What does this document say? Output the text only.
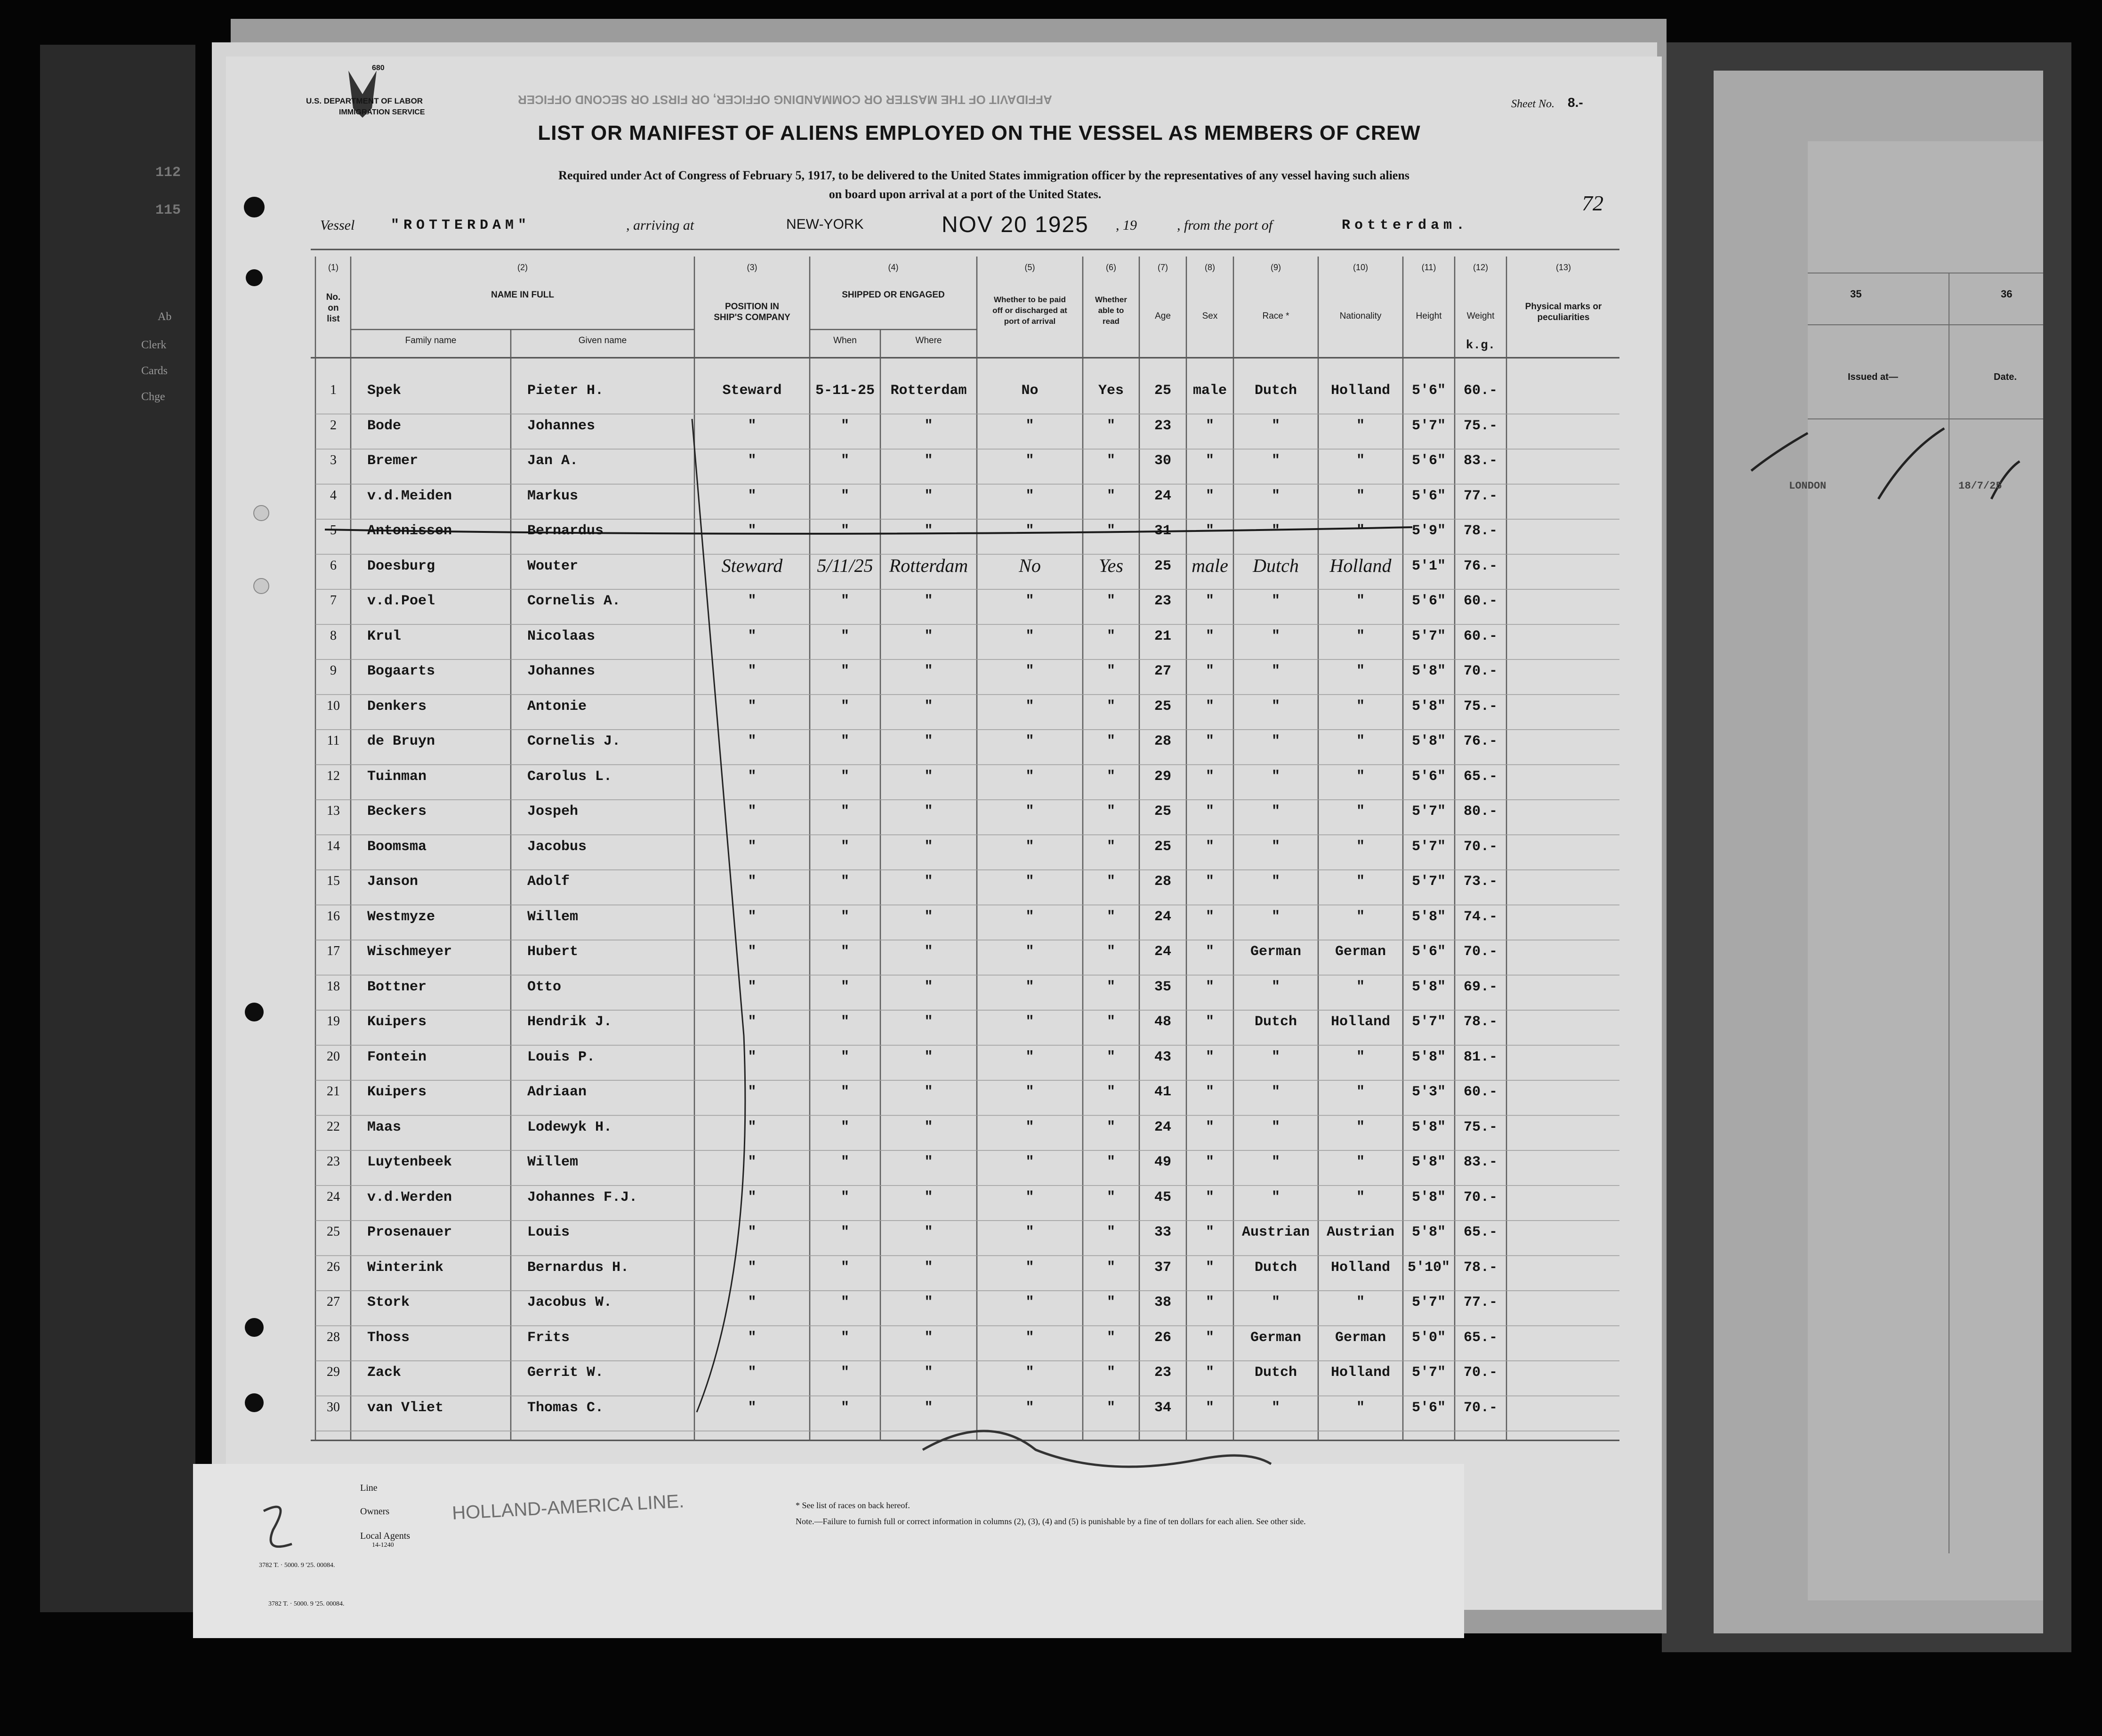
680
U.S. DEPARTMENT OF LABOR
IMMIGRATION SERVICE
AFFIDAVIT OF THE MASTER OR COMMANDING OFFICER, OR FIRST OR SECOND OFFICER	Sheet No. 8.-
LIST OR MANIFEST OF ALIENS EMPLOYED ON THE VESSEL AS MEMBERS OF CREW
Required under Act of Congress of February 5, 1917, to be delivered to the United States immigration officer by the representatives of any vessel having such aliens
on board upon arrival at a port of the United States.	72
Vessel	"ROTTERDAM"	, arriving at	NEW-YORK	NOV 20 1925 , 19	, from the port of	Rotterdam.
(1)	(2)	(3)	(4)	(5)	(6)	(7)	(8)	(9)	(10)	(11)	(12)	(13)
No.
on
list
NAME IN FULL
Family name	Given name
POSITION IN
SHIP'S COMPANY
SHIPPED OR ENGAGED
When	Where
Whether to be paid
off or discharged at
port of arrival
Whether
able to
read
Age	Sex	Race *	Nationality	Height	Weight
k.g.
Physical marks or
peculiarities
1	Spek	Pieter H.	Steward	5-11-25	Rotterdam	No	Yes	25	male	Dutch	Holland	5'6"	60.-
2	Bode	Johannes	"	"	"	"	"	23	"	"	"	5'7"	75.-
3	Bremer	Jan A.	"	"	"	"	"	30	"	"	"	5'6"	83.-
4	v.d.Meiden	Markus	"	"	"	"	"	24	"	"	"	5'6"	77.-
5	Antonissen	Bernardus	"	"	"	"	"	31	"	"	"	5'9"	78.-
6	Doesburg	Wouter	Steward	5/11/25 Rotterdam	No	Yes	25	male	Dutch	Holland	5'1"	76.-
7	v.d.Poel	Cornelis A.	"	"	"	"	"	23	"	"	"	5'6"	60.-
8	Krul	Nicolaas	"	"	"	"	"	21	"	"	"	5'7"	60.-
9	Bogaarts	Johannes	"	"	"	"	"	27	"	"	"	5'8"	70.-
10	Denkers	Antonie	"	"	"	"	"	25	"	"	"	5'8"	75.-
11	de Bruyn	Cornelis J.	"	"	"	"	"	28	"	"	"	5'8"	76.-
12	Tuinman	Carolus L.	"	"	"	"	"	29	"	"	"	5'6"	65.-
13	Beckers	Jospeh	"	"	"	"	"	25	"	"	"	5'7"	80.-
14	Boomsma	Jacobus	"	"	"	"	"	25	"	"	"	5'7"	70.-
15	Janson	Adolf	"	"	"	"	"	28	"	"	"	5'7"	73.-
16	Westmyze	Willem	"	"	"	"	"	24	"	"	"	5'8"	74.-
17	Wischmeyer	Hubert	"	"	"	"	"	24	"	German	German	5'6"	70.-
18	Bottner	Otto	"	"	"	"	"	35	"	"	"	5'8"	69.-
19	Kuipers	Hendrik J.	"	"	"	"	"	48	"	Dutch	Holland	5'7"	78.-
20	Fontein	Louis P.	"	"	"	"	"	43	"	"	"	5'8"	81.-
21	Kuipers	Adriaan	"	"	"	"	"	41	"	"	"	5'3"	60.-
22	Maas	Lodewyk H.	"	"	"	"	"	24	"	"	"	5'8"	75.-
23	Luytenbeek	Willem	"	"	"	"	"	49	"	"	"	5'8"	83.-
24	v.d.Werden	Johannes F.J.	"	"	"	"	"	45	"	"	"	5'8"	70.-
25	Prosenauer	Louis	"	"	"	"	"	33	"	Austrian	Austrian	5'8"	65.-
26	Winterink	Bernardus H.	"	"	"	"	"	37	"	Dutch	Holland	5'10" 78.-
27	Stork	Jacobus W.	"	"	"	"	"	38	"	"	"	5'7"	77.-
28	Thoss	Frits	"	"	"	"	"	26	"	German	German	5'0"	65.-
29	Zack	Gerrit W.	"	"	"	"	"	23	"	Dutch	Holland	5'7"	70.-
30	van Vliet	Thomas C.	"	"	"	"	"	34	"	"	"	5'6"	70.-
35	36
Issued at—	Date.
LONDON	18/7/25
112
115
Ab
Clerk
Cards
Chge
Line
Owners
Local Agents
14-1240
HOLLAND-AMERICA LINE.	* See list of races on back hereof.
Note.—Failure to furnish full or correct information in columns (2), (3), (4) and (5) is punishable by a fine of ten dollars for each alien. See other side.
3782 T. · 5000. 9 '25. 00084.
3782 T. · 5000. 9 '25. 00084.
